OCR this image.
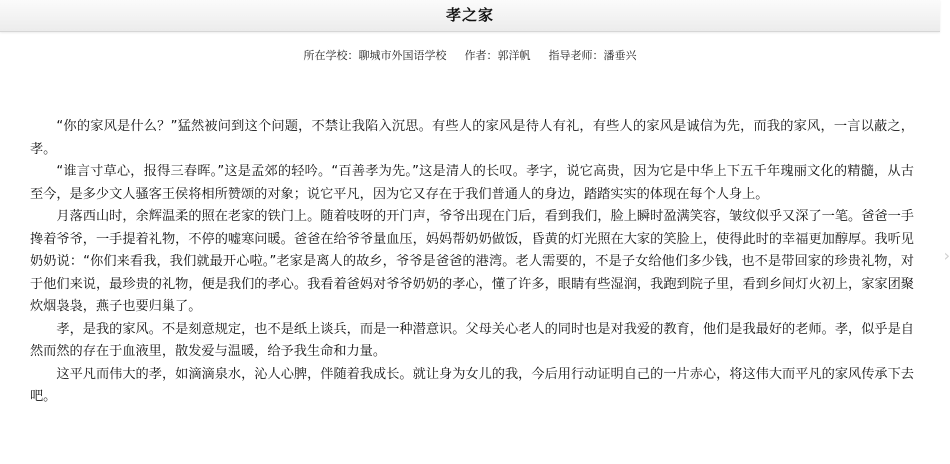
孝之家
所在学校：聊城市外国语学校 作者：郭洋帆 指导老师：潘垂兴

“你的家风是什么？”猛然被问到这个问题，不禁让我陷入沉思。有些人的家风是待人有礼，有些人的家风是诚信为先，而我的家风，一言以蔽之，孝。

“谁言寸草心，报得三春晖。”这是孟郊的轻吟。“百善孝为先。”这是清人的长叹。孝字，说它高贵，因为它是中华上下五千年瑰丽文化的精髓，从古至今，是多少文人骚客王侯将相所赞颂的对象；说它平凡，因为它又存在于我们普通人的身边，踏踏实实的体现在每个人身上。

月落西山时，余辉温柔的照在老家的铁门上。随着吱呀的开门声，爷爷出现在门后，看到我们，脸上瞬时盈满笑容，皱纹似乎又深了一笔。爸爸一手搀着爷爷，一手提着礼物，不停的嘘寒问暖。爸爸在给爷爷量血压，妈妈帮奶奶做饭，昏黄的灯光照在大家的笑脸上，使得此时的幸福更加醇厚。我听见奶奶说：“你们来看我，我们就最开心啦。”老家是离人的故乡，爷爷是爸爸的港湾。老人需要的，不是子女给他们多少钱，也不是带回家的珍贵礼物，对于他们来说，最珍贵的礼物，便是我们的孝心。我看着爸妈对爷爷奶奶的孝心，懂了许多，眼睛有些湿润，我跑到院子里，看到乡间灯火初上，家家团聚炊烟袅袅，燕子也要归巢了。

孝，是我的家风。不是刻意规定，也不是纸上谈兵，而是一种潜意识。父母关心老人的同时也是对我爱的教育，他们是我最好的老师。孝，似乎是自然而然的存在于血液里，散发爱与温暖，给予我生命和力量。

这平凡而伟大的孝，如滴滴泉水，沁人心脾，伴随着我成长。就让身为女儿的我，今后用行动证明自己的一片赤心，将这伟大而平凡的家风传承下去吧。

›
